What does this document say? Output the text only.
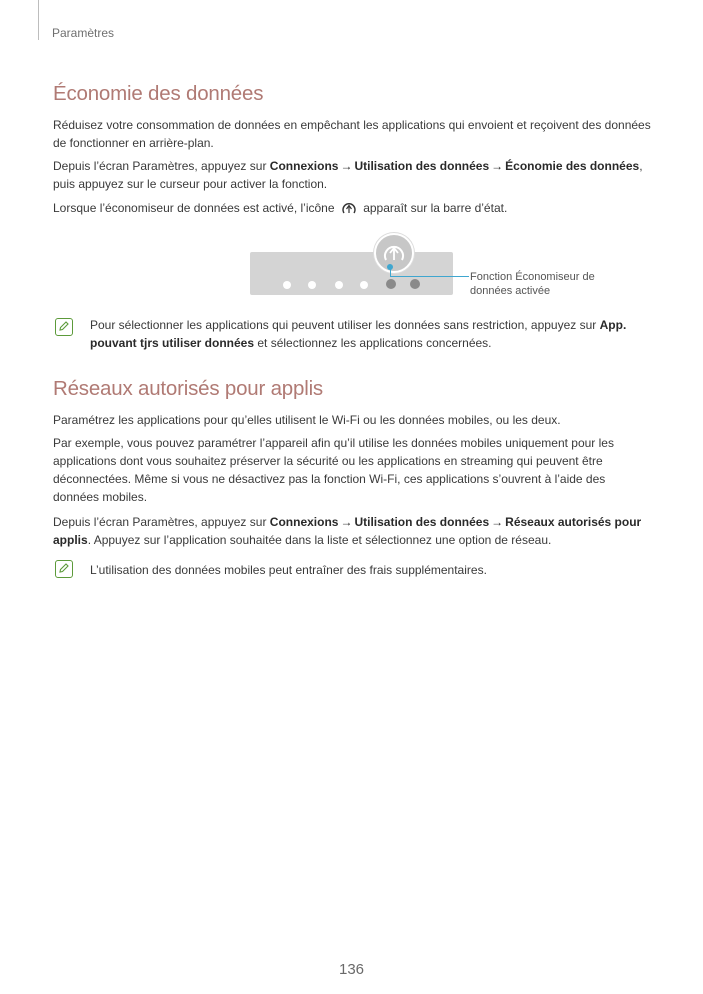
Paramètres
Économie des données

Réduisez votre consommation de données en empêchant les applications qui envoient et reçoivent des données de fonctionner en arrière-plan.

Depuis l’écran Paramètres, appuyez sur Connexions → Utilisation des données → Économie des données, puis appuyez sur le curseur pour activer la fonction.

Lorsque l’économiseur de données est activé, l’icône apparaît sur la barre d’état.

Fonction Économiseur de données activée

Pour sélectionner les applications qui peuvent utiliser les données sans restriction, appuyez sur App. pouvant tjrs utiliser données et sélectionnez les applications concernées.

Réseaux autorisés pour applis

Paramétrez les applications pour qu’elles utilisent le Wi-Fi ou les données mobiles, ou les deux.

Par exemple, vous pouvez paramétrer l’appareil afin qu’il utilise les données mobiles uniquement pour les applications dont vous souhaitez préserver la sécurité ou les applications en streaming qui peuvent être déconnectées. Même si vous ne désactivez pas la fonction Wi-Fi, ces applications s’ouvrent à l’aide des données mobiles.

Depuis l’écran Paramètres, appuyez sur Connexions → Utilisation des données → Réseaux autorisés pour applis. Appuyez sur l’application souhaitée dans la liste et sélectionnez une option de réseau.

L’utilisation des données mobiles peut entraîner des frais supplémentaires.

136
